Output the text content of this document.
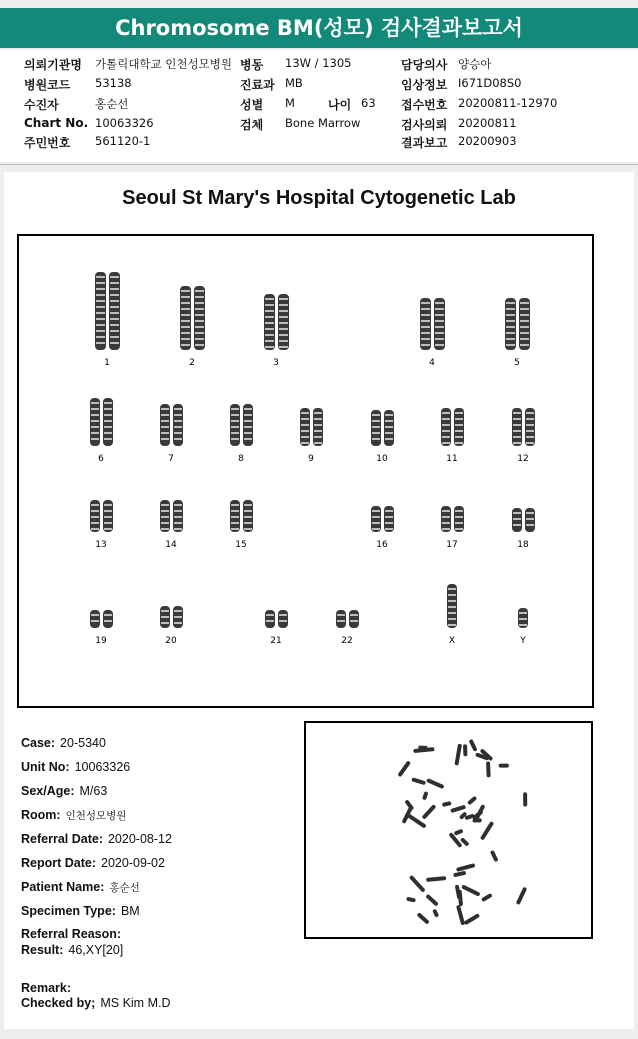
Chromosome BM(성모) 검사결과보고서
의뢰기관명 가톨릭대학교 인천성모병원 병동 13W / 1305	담당의사 양승아
병원코드 53138	진료과 MB	임상정보 I671D08S0
수진자	홍순선	성별 M	나이 63 접수번호 20200811-12970
Chart No. 10063326	검체 Bone Marrow	검사의뢰 20200811
주민번호 561120-1	결과보고 20200903
Seoul St Mary's Hospital Cytogenetic Lab
1	2	3	4	5
6	7	8	9	10	11	12
13	14	15	16	17	18
19	20	21	22	X	Y
Case: 20-5340
Unit No: 10063326
Sex/Age: M/63
Room: 인천성모병원
Referral Date: 2020-08-12
Report Date: 2020-09-02
Patient Name: 홍순선
Specimen Type: BM
Referral Reason:
Result: 46,XY[20]
Remark:
Checked by; MS Kim M.D
